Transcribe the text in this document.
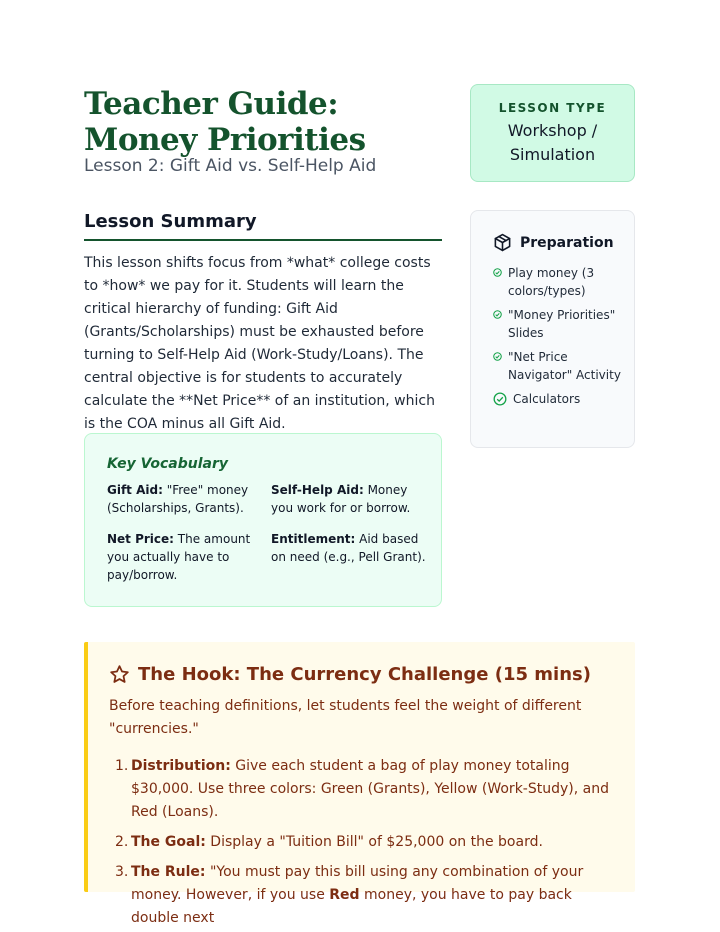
Teacher Guide: Money Priorities
Lesson 2: Gift Aid vs. Self-Help Aid
LESSON TYPE
Workshop / Simulation
Lesson Summary

This lesson shifts focus from *what* college costs to *how* we pay for it. Students will learn the critical hierarchy of funding: Gift Aid (Grants/Scholarships) must be exhausted before turning to Self-Help Aid (Work-Study/Loans). The central objective is for students to accurately calculate the **Net Price** of an institution, which is the COA minus all Gift Aid.

Key Vocabulary
Gift Aid: "Free" money (Scholarships, Grants).
Self-Help Aid: Money you work for or borrow.
Net Price: The amount you actually have to pay/borrow.
Entitlement: Aid based on need (e.g., Pell Grant).
Preparation
Play money (3 colors/types)
"Money Priorities" Slides
"Net Price Navigator" Activity
Calculators
The Hook: The Currency Challenge (15 mins)

Before teaching definitions, let students feel the weight of different "currencies."

1. Distribution: Give each student a bag of play money totaling $30,000. Use three colors: Green (Grants), Yellow (Work-Study), and Red (Loans).
2. The Goal: Display a "Tuition Bill" of $25,000 on the board.
3. The Rule: "You must pay this bill using any combination of your money. However, if you use Red money, you have to pay back double next
